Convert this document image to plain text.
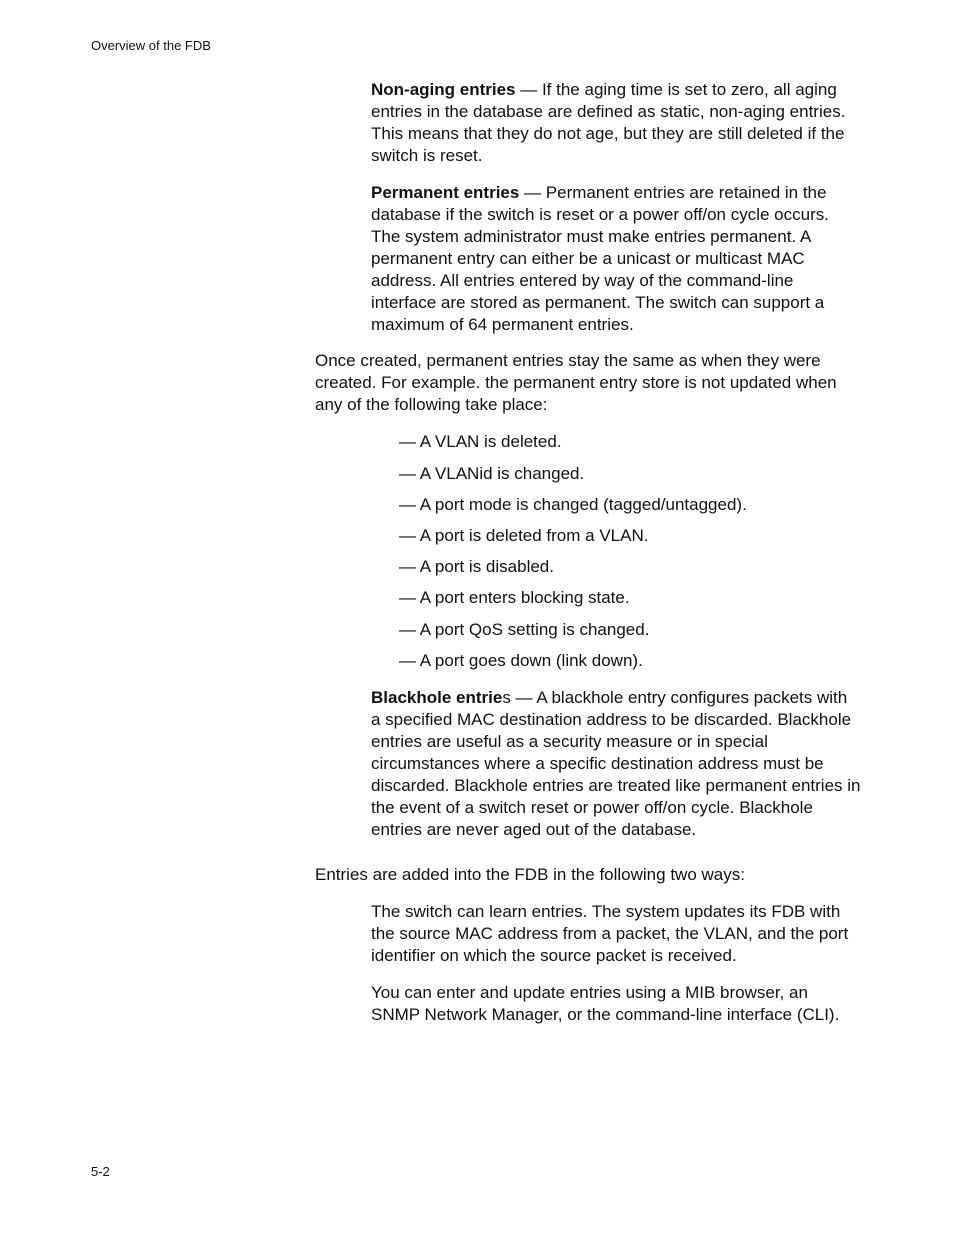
Overview of the FDB

Non-aging entries — If the aging time is set to zero, all aging entries in the database are defined as static, non-aging entries. This means that they do not age, but they are still deleted if the switch is reset.

Permanent entries — Permanent entries are retained in the database if the switch is reset or a power off/on cycle occurs. The system administrator must make entries permanent. A permanent entry can either be a unicast or multicast MAC address. All entries entered by way of the command-line interface are stored as permanent. The switch can support a maximum of 64 permanent entries.

Once created, permanent entries stay the same as when they were created. For example. the permanent entry store is not updated when any of the following take place:

— A VLAN is deleted.

— A VLANid is changed.

— A port mode is changed (tagged/untagged).

— A port is deleted from a VLAN.

— A port is disabled.

— A port enters blocking state.

— A port QoS setting is changed.

— A port goes down (link down).

Blackhole entries — A blackhole entry configures packets with a specified MAC destination address to be discarded. Blackhole entries are useful as a security measure or in special circumstances where a specific destination address must be discarded. Blackhole entries are treated like permanent entries in the event of a switch reset or power off/on cycle. Blackhole entries are never aged out of the database.

Entries are added into the FDB in the following two ways:

The switch can learn entries. The system updates its FDB with the source MAC address from a packet, the VLAN, and the port identifier on which the source packet is received.

You can enter and update entries using a MIB browser, an SNMP Network Manager, or the command-line interface (CLI).

5-2
